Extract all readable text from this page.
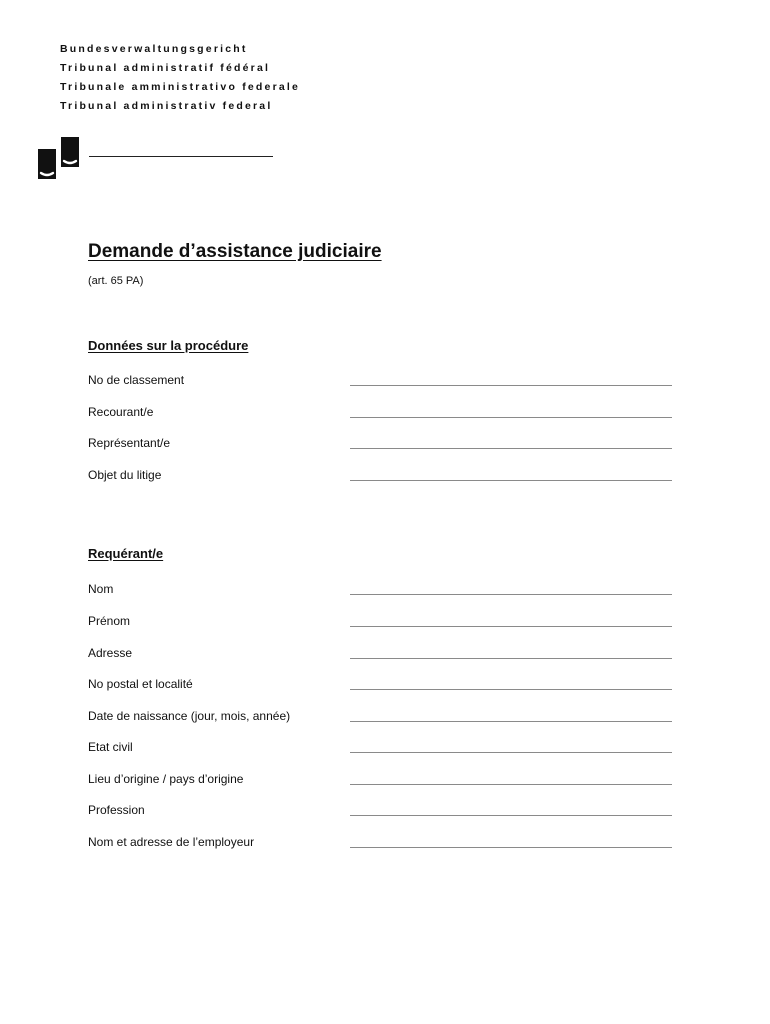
Bundesverwaltungsgericht
Tribunal administratif fédéral
Tribunale amministrativo federale
Tribunal administrativ federal
Demande d’assistance judiciaire
(art. 65 PA)
Données sur la procédure
No de classement
Recourant/e
Représentant/e
Objet du litige
Requérant/e
Nom
Prénom
Adresse
No postal et localité
Date de naissance (jour, mois, année)
Etat civil
Lieu d’origine / pays d’origine
Profession
Nom et adresse de l’employeur
